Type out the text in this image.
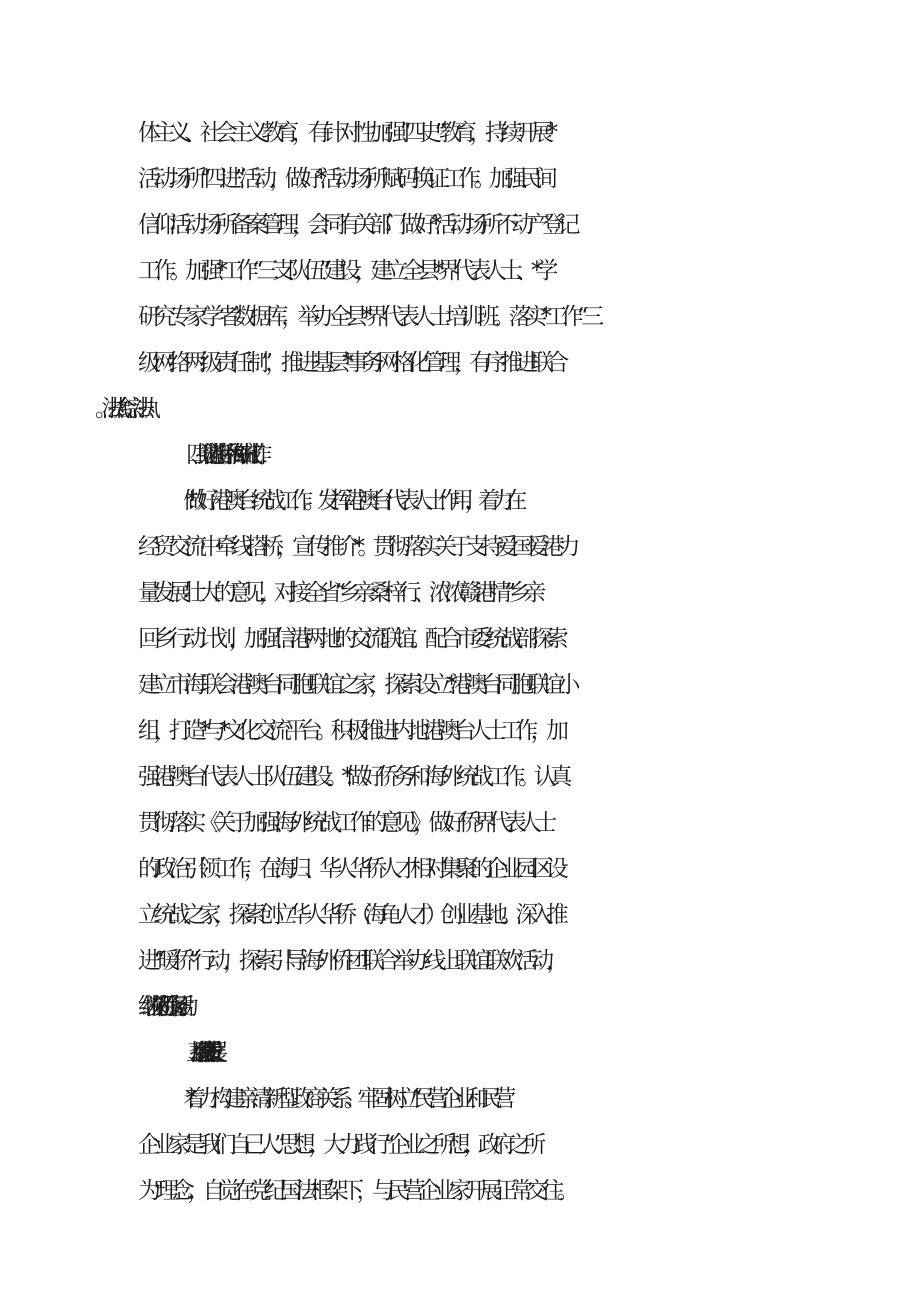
体主义、社会主义教育，有针对性加强“四史”教育，持续开展*
活动场所“四进”活动，做好*活动场所赋码换证工作。加强民间
信仰活动场所备案管理，会同有关部门做好*活动场所不动产登记
工作。加强*工作“三支队伍”建设，建立全县*界代表人士、*学
研究专家学者数据库，举办全县*界代表人士培训班。落实*工作“三
级网络两级责任制”，推进基层*事务网格化管理，有序推进联合
四、推进港澳台侨和海外统战工作
*. 做好港澳台统战工作。发挥港澳台代表人士作用，着力在
经贸交流中牵线搭桥，宣传推介*。贯彻落实关于支持爱国爱港力
量发展壮大的意见，对接全省“乡亲桑梓行、浓浓赣港情”乡亲
回乡行动计划，加强信港两地的交流联谊。配合市委统战部探索
建立市海联会港澳台同胞联谊之家，探索设立*港澳台同胞联谊小
组，打造*与*文化交流平台。积极推进内地港澳台人士工作，加
强港澳台代表人士队伍建设。*. 做好侨务和海外统战工作。认真
贯彻落实《关于加强海外统战工作的意见》，做好侨界代表人士
的政治引领工作，在海归、华人华侨人才相对集聚的企业园区设
立统战之家，探索创立华人华侨（海龟人才）创业基地。深入推
进“暖侨”行动，探索引导海外侨团联合举办线上联谊联欢活动，
继续深化为侨企服务活动。
五、推动民营经济高质量发展
*. 着力构建亲清新型政商关系。牢固树立“民营企业和民营
企业家是我们自己人”思想，大力践行“企业之所想，政府之所
为"理念，自觉在党纪国法框架下，与民营企业家开展正常交往。
